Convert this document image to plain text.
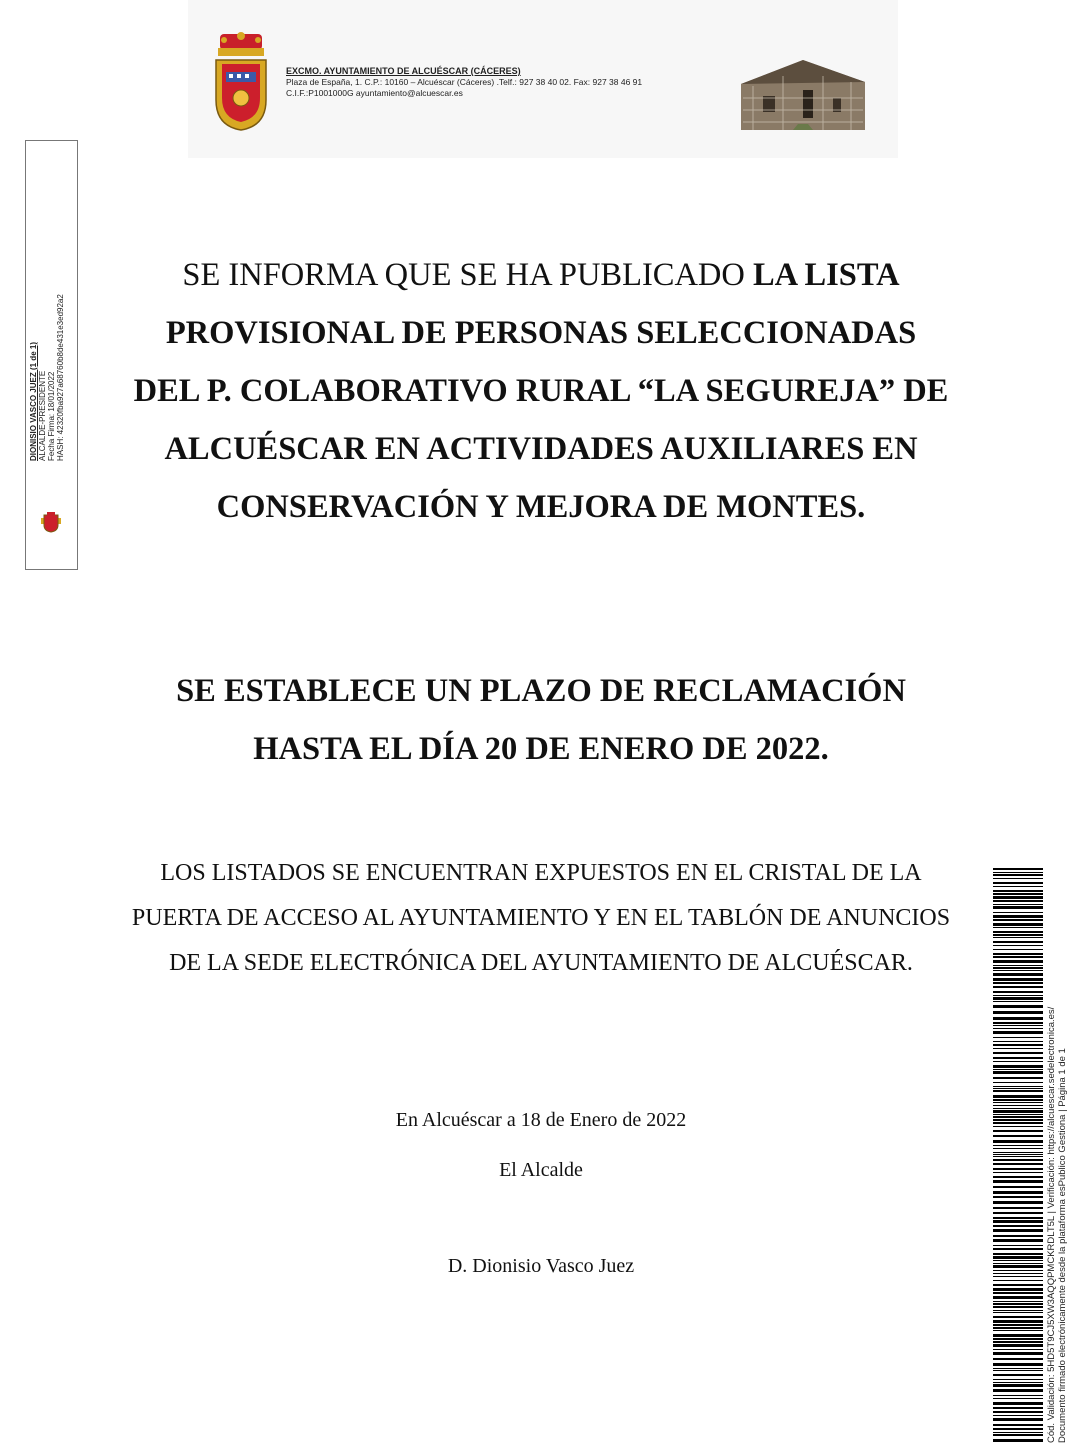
EXCMO. AYUNTAMIENTO DE ALCUÉSCAR (CÁCERES)
Plaza de España, 1. C.P.: 10160 – Alcuéscar (Cáceres) .Telf.: 927 38 40 02. Fax: 927 38 46 91
C.I.F.:P1001000G ayuntamiento@alcuescar.es
DIONISIO VASCO JUEZ (1 de 1) ALCALDE-PRESIDENTE Fecha Firma: 18/01/2022 HASH: 42320fba927a68760b8de431e3ed92a2
SE INFORMA QUE SE HA PUBLICADO LA LISTA PROVISIONAL DE PERSONAS SELECCIONADAS DEL P. COLABORATIVO RURAL “LA SEGUREJA” DE ALCUÉSCAR EN ACTIVIDADES AUXILIARES EN CONSERVACIÓN Y MEJORA DE MONTES.
SE ESTABLECE UN PLAZO DE RECLAMACIÓN HASTA EL DÍA 20 DE ENERO DE 2022.
LOS LISTADOS SE ENCUENTRAN EXPUESTOS EN EL CRISTAL DE LA PUERTA DE ACCESO AL AYUNTAMIENTO Y EN EL TABLÓN DE ANUNCIOS DE LA SEDE ELECTRÓNICA DEL AYUNTAMIENTO DE ALCUÉSCAR.
En Alcuéscar a 18 de Enero de 2022
El Alcalde
D. Dionisio Vasco Juez	Cód. Validación: 5HD5T9CJ5XW3AQQPMCKRDLT5L | Verificación: https://alcuescar.sedelectronica.es/ Documento firmado electrónicamente desde la plataforma esPublico Gestiona | Página 1 de 1
